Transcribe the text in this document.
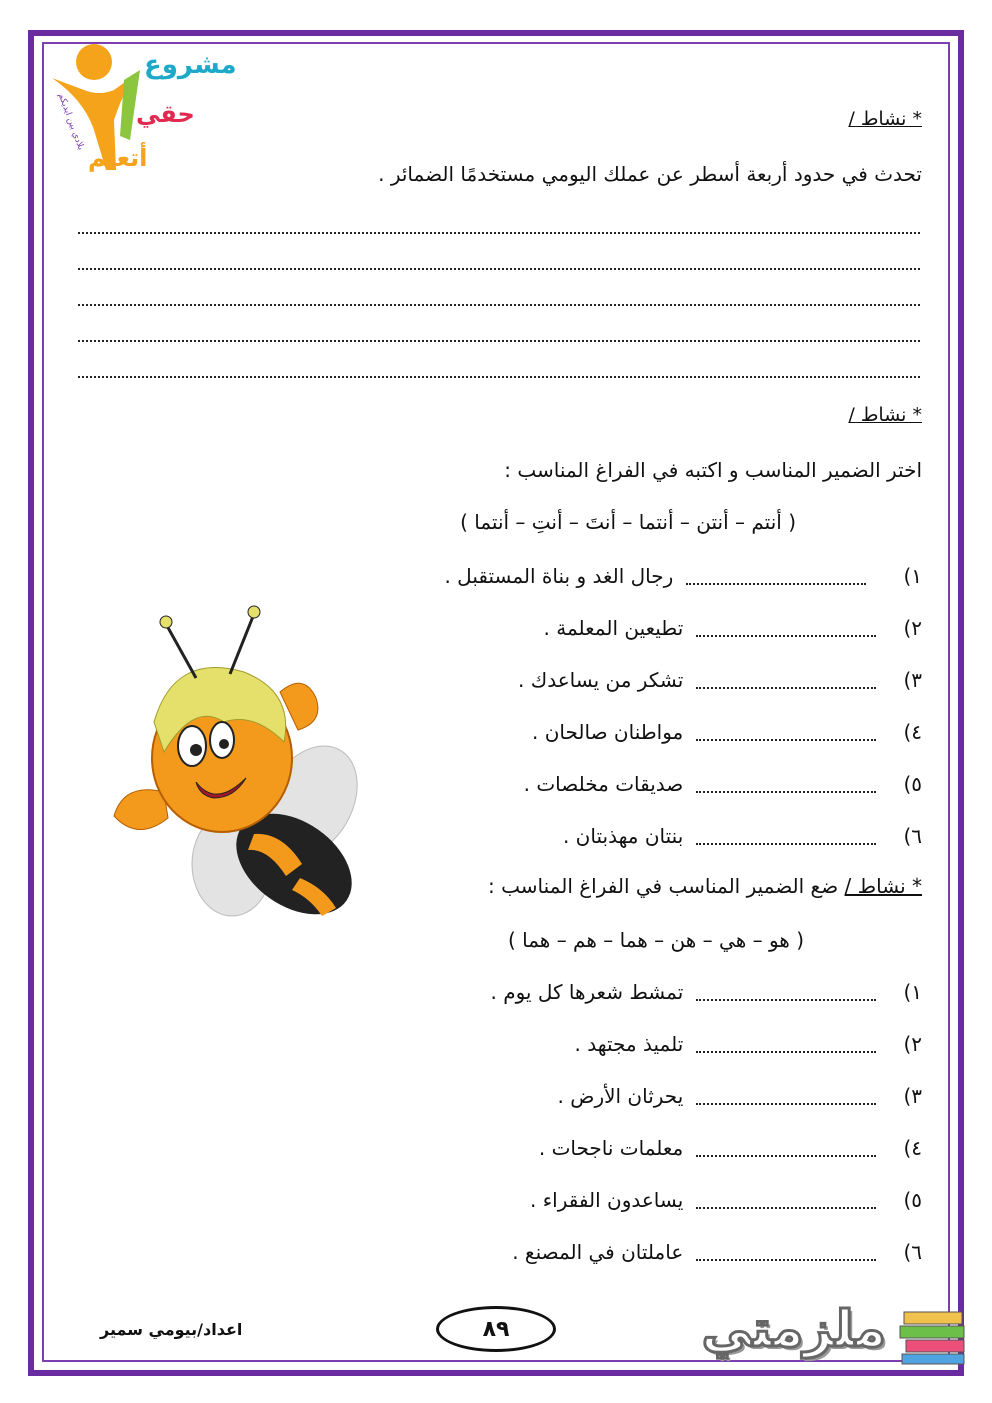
مشروع
حقي
أتعلم
بلادي بين ايديكم	* نشاط /
تحدث في حدود أربعة أسطر عن عملك اليومي مستخدمًا الضمائر .
* نشاط /
اختر الضمير المناسب و اكتبه في الفراغ المناسب :
( أنتم – أنتن – أنتما – أنتَ – أنتِ – أنتما )
١)  رجال الغد و بناة المستقبل .
٢)  تطيعين المعلمة .
٣)  تشكر من يساعدك .
٤)  مواطنان صالحان .
٥)  صديقات مخلصات .
٦)  بنتان مهذبتان .
* نشاط / ضع الضمير المناسب في الفراغ المناسب :
( هو – هي – هن – هما – هم – هما )
١)  تمشط شعرها كل يوم .
٢)  تلميذ مجتهد .
٣)  يحرثان الأرض .
٤)  معلمات ناجحات .
٥)  يساعدون الفقراء .
٦)  عاملتان في المصنع .
اعداد/بيومي سمير	٨٩	ملزمتي
